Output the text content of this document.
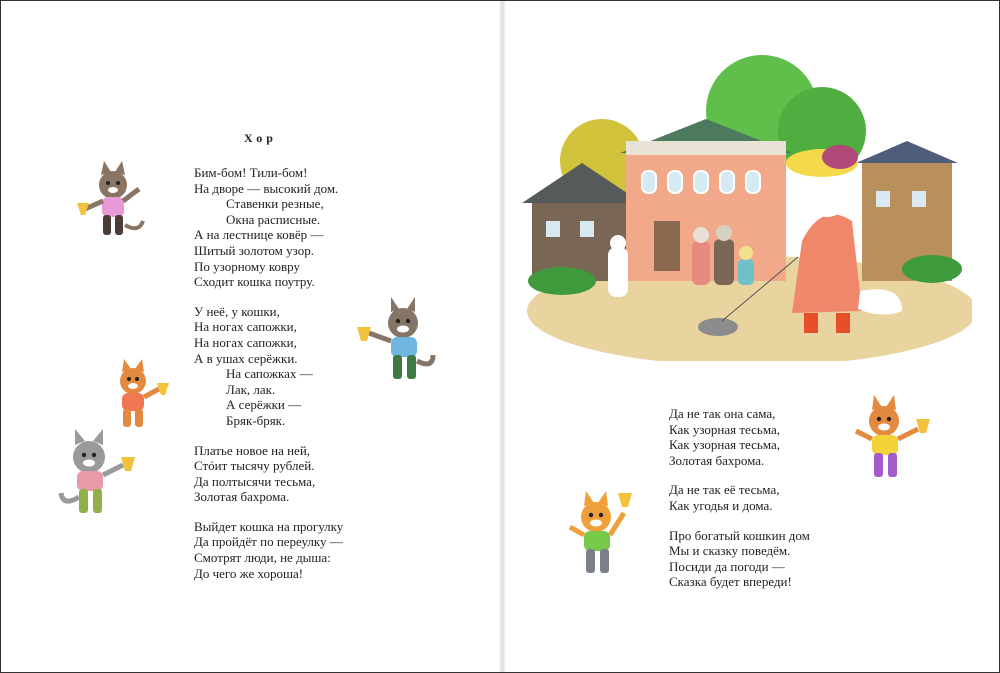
Хор
Бим-бом! Тили-бом!
На дворе — высокий дом.
Ставенки резные,
Окна расписные.
А на лестнице ковёр —
Шитый золотом узор.
По узорному ковру
Сходит кошка поутру.
У неё, у кошки,
На ногах сапожки,
На ногах сапожки,
А в ушах серёжки.
На сапожках —
Лак, лак.
А серёжки —
Бряк-бряк.
Платье новое на ней,
Стóит тысячу рублей.
Да полтысячи тесьма,
Золотая бахрома.
Выйдет кошка на прогулку
Да пройдёт по переулку —
Смотрят люди, не дыша:
До чего же хороша!
Да не так она сама,
Как узорная тесьма,
Как узорная тесьма,
Золотая бахрома.
Да не так её тесьма,
Как угодья и дома.
Про богатый кошкин дом
Мы и сказку поведём.
Посиди да погоди —
Сказка будет впереди!
